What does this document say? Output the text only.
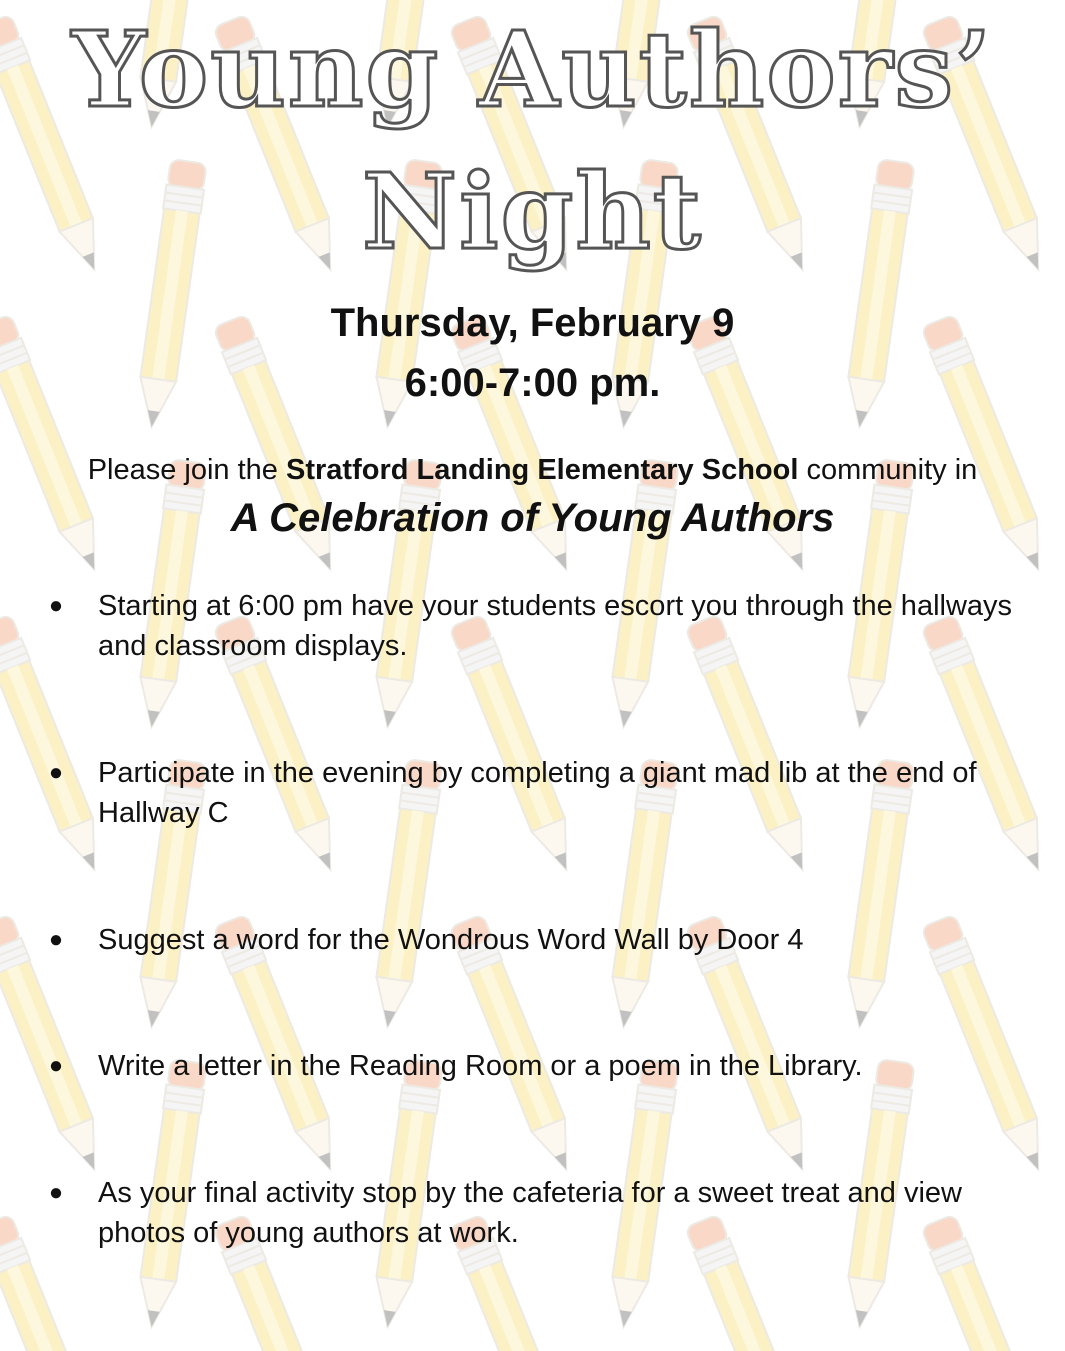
Young Authors’
Night
Thursday, February 9
6:00-7:00 pm.
Please join the Stratford Landing Elementary School community in
A Celebration of Young Authors
● Starting at 6:00 pm have your students escort you through the hallways and classroom displays.
● Participate in the evening by completing a giant mad lib at the end of Hallway C
● Suggest a word for the Wondrous Word Wall by Door 4
● Write a letter in the Reading Room or a poem in the Library.
● As your final activity stop by the cafeteria for a sweet treat and view photos of young authors at work.
